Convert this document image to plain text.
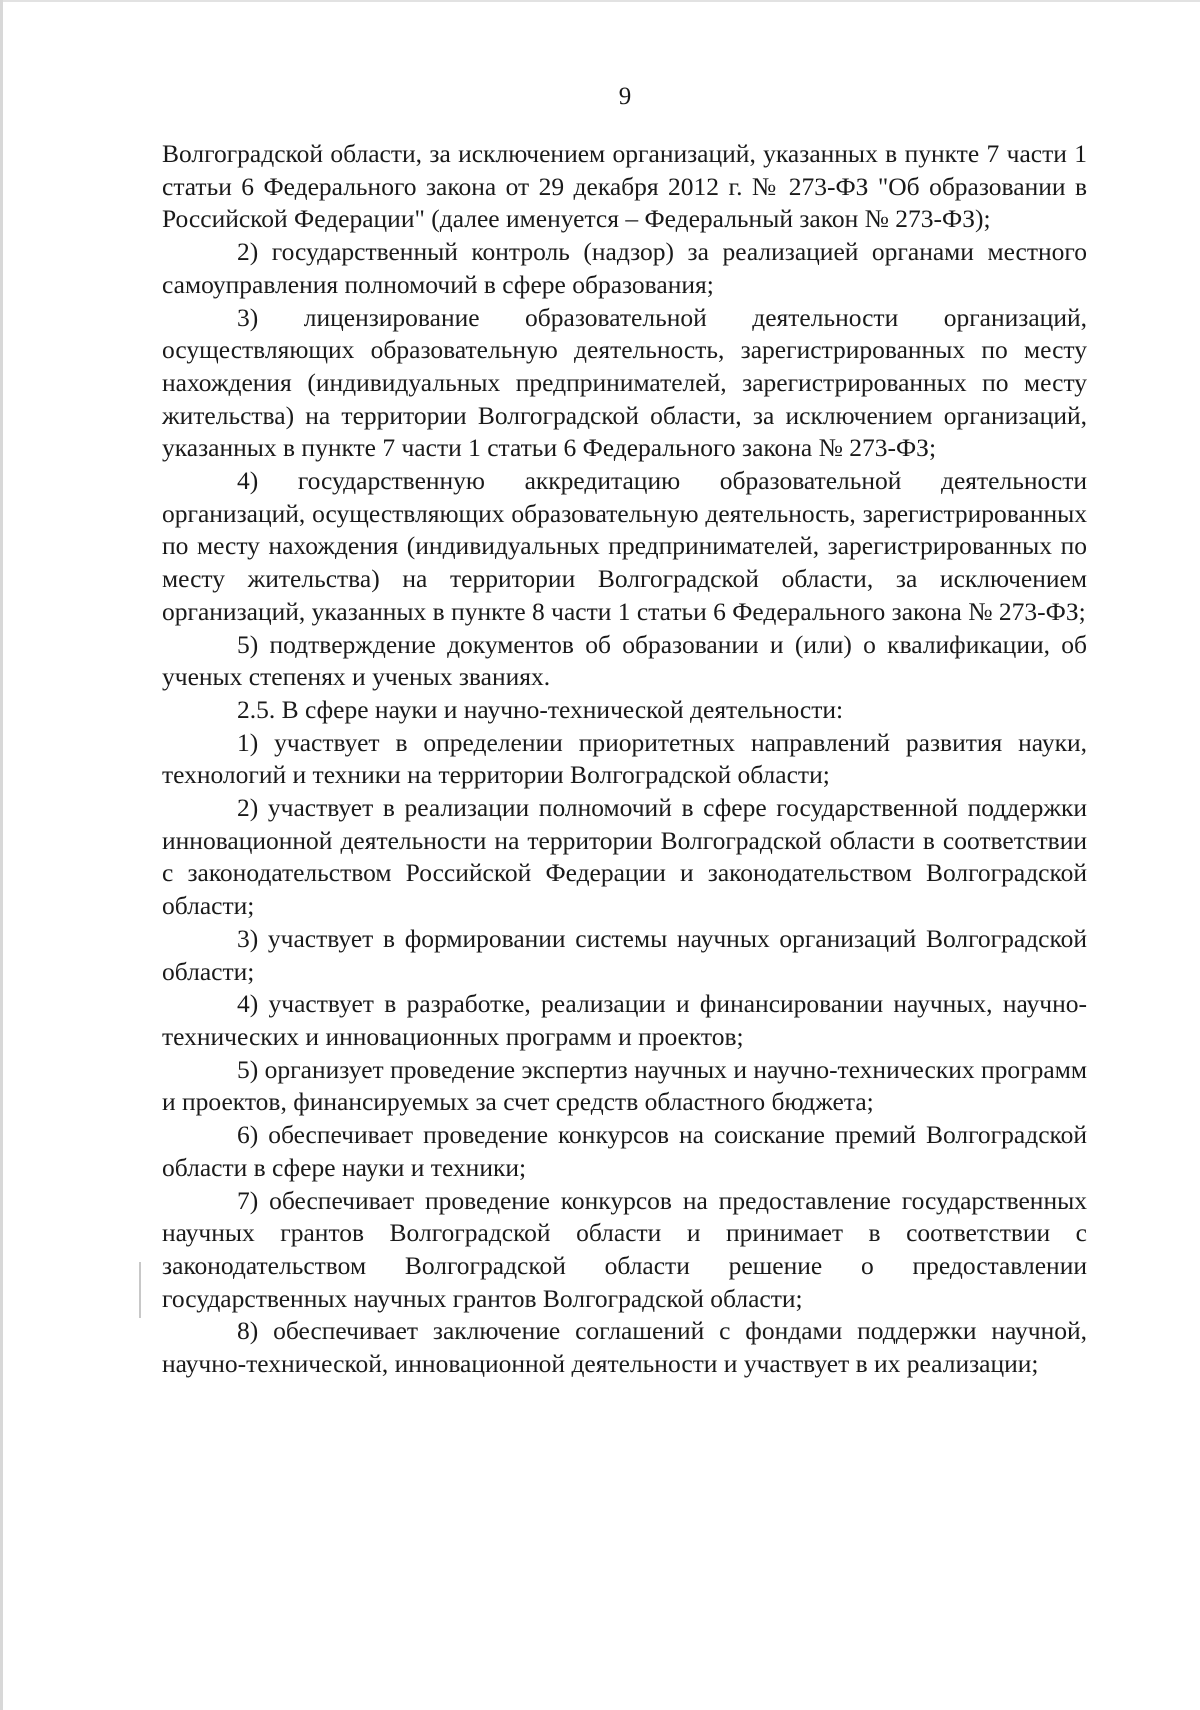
9

Волгоградской области, за исключением организаций, указанных в пункте 7 части 1 статьи 6 Федерального закона от 29 декабря 2012 г. № 273-ФЗ "Об образовании в Российской Федерации" (далее именуется – Федеральный закон № 273-ФЗ);

2) государственный контроль (надзор) за реализацией органами местного самоуправления полномочий в сфере образования;

3) лицензирование образовательной деятельности организаций, осуществляющих образовательную деятельность, зарегистрированных по месту нахождения (индивидуальных предпринимателей, зарегистрированных по месту жительства) на территории Волгоградской области, за исключением организаций, указанных в пункте 7 части 1 статьи 6 Федерального закона № 273-ФЗ;

4) государственную аккредитацию образовательной деятельности организаций, осуществляющих образовательную деятельность, зарегистрированных по месту нахождения (индивидуальных предпринимателей, зарегистрированных по месту жительства) на территории Волгоградской области, за исключением организаций, указанных в пункте 8 части 1 статьи 6 Федерального закона № 273-ФЗ;

5) подтверждение документов об образовании и (или) о квалификации, об ученых степенях и ученых званиях.

2.5. В сфере науки и научно-технической деятельности:

1) участвует в определении приоритетных направлений развития науки, технологий и техники на территории Волгоградской области;

2) участвует в реализации полномочий в сфере государственной поддержки инновационной деятельности на территории Волгоградской области в соответствии с законодательством Российской Федерации и законодательством Волгоградской области;

3) участвует в формировании системы научных организаций Волгоградской области;

4) участвует в разработке, реализации и финансировании научных, научно-технических и инновационных программ и проектов;

5) организует проведение экспертиз научных и научно-технических программ и проектов, финансируемых за счет средств областного бюджета;

6) обеспечивает проведение конкурсов на соискание премий Волгоградской области в сфере науки и техники;

7) обеспечивает проведение конкурсов на предоставление государственных научных грантов Волгоградской области и принимает в соответствии с законодательством Волгоградской области решение о предоставлении государственных научных грантов Волгоградской области;

8) обеспечивает заключение соглашений с фондами поддержки научной, научно-технической, инновационной деятельности и участвует в их реализации;
